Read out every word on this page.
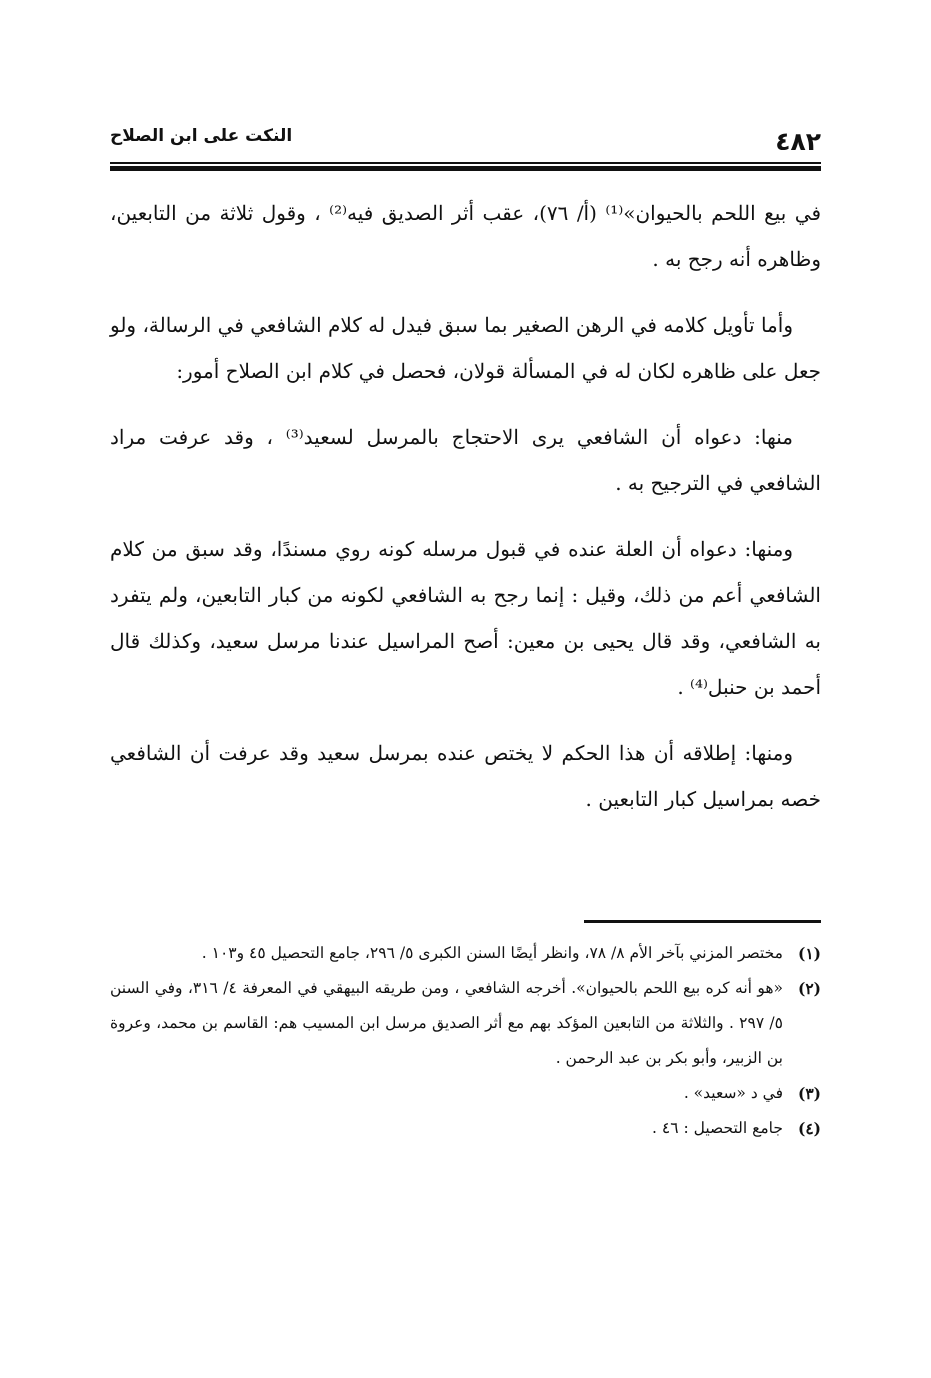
٤٨٢
النكت على ابن الصلاح

في بيع اللحم بالحيوان»⁽¹⁾ (أ/ ٧٦)، عقب أثر الصديق فيه⁽²⁾ ، وقول ثلاثة من التابعين، وظاهره أنه رجح به .

وأما تأويل كلامه في الرهن الصغير بما سبق فيدل له كلام الشافعي في الرسالة، ولو جعل على ظاهره لكان له في المسألة قولان، فحصل في كلام ابن الصلاح أمور:

منها: دعواه أن الشافعي يرى الاحتجاج بالمرسل لسعيد⁽³⁾ ، وقد عرفت مراد الشافعي في الترجيح به .

ومنها: دعواه أن العلة عنده في قبول مرسله كونه روي مسندًا، وقد سبق من كلام الشافعي أعم من ذلك، وقيل : إنما رجح به الشافعي لكونه من كبار التابعين، ولم يتفرد به الشافعي، وقد قال يحيى بن معين: أصح المراسيل عندنا مرسل سعيد، وكذلك قال أحمد بن حنبل⁽⁴⁾ .

ومنها: إطلاقه أن هذا الحكم لا يختص عنده بمرسل سعيد وقد عرفت أن الشافعي خصه بمراسيل كبار التابعين .

(١)
مختصر المزني بآخر الأم ٨/ ٧٨، وانظر أيضًا السنن الكبرى ٥/ ٢٩٦، جامع التحصيل ٤٥ و١٠٣ .
(٢)
«هو أنه كره بيع اللحم بالحيوان». أخرجه الشافعي ، ومن طريقه البيهقي في المعرفة ٤/ ٣١٦، وفي السنن ٥/ ٢٩٧ . والثلاثة من التابعين المؤكد بهم مع أثر الصديق مرسل ابن المسيب هم: القاسم بن محمد، وعروة بن الزبير، وأبو بكر بن عبد الرحمن .
(٣)
في د «سعيد» .
(٤)
جامع التحصيل : ٤٦ .
